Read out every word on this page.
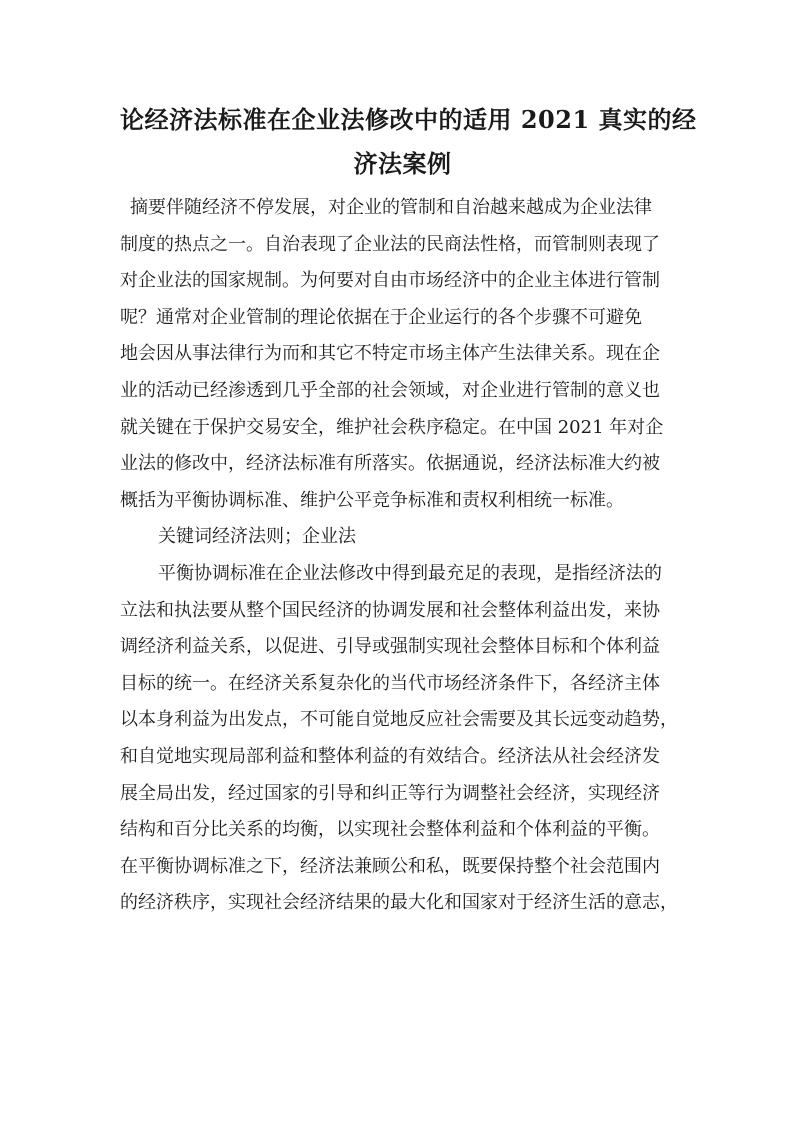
论经济法标准在企业法修改中的适用 2021 真实的经
济法案例

摘要伴随经济不停发展，对企业的管制和自治越来越成为企业法律
制度的热点之一。自治表现了企业法的民商法性格，而管制则表现了
对企业法的国家规制。为何要对自由市场经济中的企业主体进行管制
呢？通常对企业管制的理论依据在于企业运行的各个步骤不可避免
地会因从事法律行为而和其它不特定市场主体产生法律关系。现在企
业的活动已经渗透到几乎全部的社会领域，对企业进行管制的意义也
就关键在于保护交易安全，维护社会秩序稳定。在中国 2021 年对企
业法的修改中，经济法标准有所落实。依据通说，经济法标准大约被
概括为平衡协调标准、维护公平竞争标准和责权利相统一标准。

关键词经济法则；企业法

平衡协调标准在企业法修改中得到最充足的表现，是指经济法的
立法和执法要从整个国民经济的协调发展和社会整体利益出发，来协
调经济利益关系，以促进、引导或强制实现社会整体目标和个体利益
目标的统一。在经济关系复杂化的当代市场经济条件下，各经济主体
以本身利益为出发点，不可能自觉地反应社会需要及其长远变动趋势，
和自觉地实现局部利益和整体利益的有效结合。经济法从社会经济发
展全局出发，经过国家的引导和纠正等行为调整社会经济，实现经济
结构和百分比关系的均衡，以实现社会整体利益和个体利益的平衡。
在平衡协调标准之下，经济法兼顾公和私，既要保持整个社会范围内
的经济秩序，实现社会经济结果的最大化和国家对于经济生活的意志，
